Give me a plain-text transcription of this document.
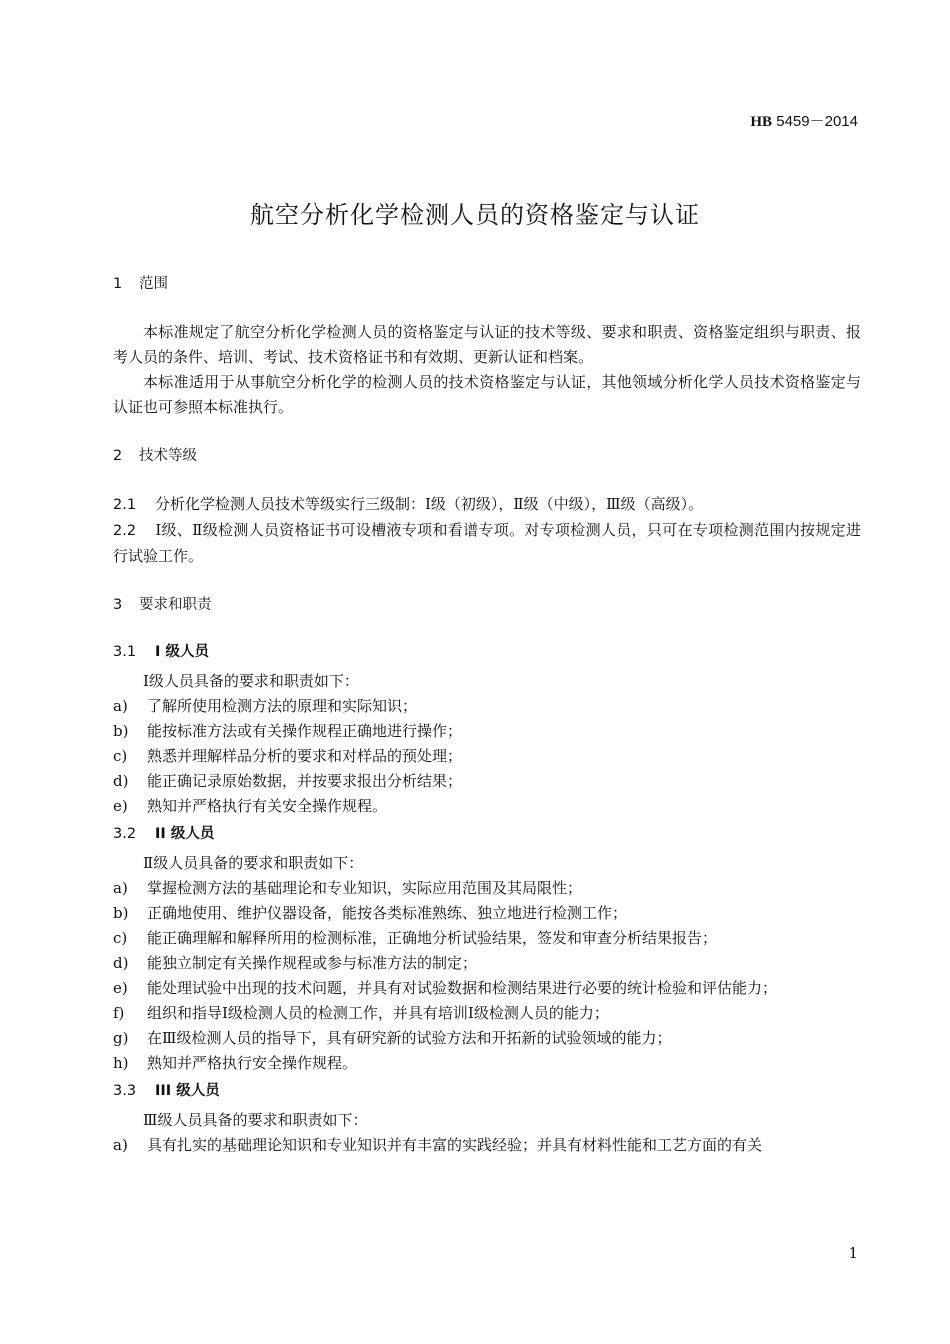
HB 5459－2014
航空分析化学检测人员的资格鉴定与认证
1 范围

本标准规定了航空分析化学检测人员的资格鉴定与认证的技术等级、要求和职责、资格鉴定组织与职责、报考人员的条件、培训、考试、技术资格证书和有效期、更新认证和档案。

本标准适用于从事航空分析化学的检测人员的技术资格鉴定与认证，其他领域分析化学人员技术资格鉴定与认证也可参照本标准执行。

2 技术等级

2.1 分析化学检测人员技术等级实行三级制：Ⅰ级（初级），Ⅱ级（中级），Ⅲ级（高级）。

2.2 Ⅰ级、Ⅱ级检测人员资格证书可设槽液专项和看谱专项。对专项检测人员，只可在专项检测范围内按规定进行试验工作。

3 要求和职责
3.1 I 级人员

Ⅰ级人员具备的要求和职责如下：

a)	了解所使用检测方法的原理和实际知识；
b)	能按标准方法或有关操作规程正确地进行操作；
c)	熟悉并理解样品分析的要求和对样品的预处理；
d)	能正确记录原始数据，并按要求报出分析结果；
e)	熟知并严格执行有关安全操作规程。
3.2 II 级人员

Ⅱ级人员具备的要求和职责如下：

a)	掌握检测方法的基础理论和专业知识，实际应用范围及其局限性；
b)	正确地使用、维护仪器设备，能按各类标准熟练、独立地进行检测工作；
c)	能正确理解和解释所用的检测标准，正确地分析试验结果，签发和审查分析结果报告；
d)	能独立制定有关操作规程或参与标准方法的制定；
e)	能处理试验中出现的技术问题，并具有对试验数据和检测结果进行必要的统计检验和评估能力；
f)	组织和指导Ⅰ级检测人员的检测工作，并具有培训Ⅰ级检测人员的能力；
g)	在Ⅲ级检测人员的指导下，具有研究新的试验方法和开拓新的试验领域的能力；
h)	熟知并严格执行安全操作规程。
3.3 III 级人员

Ⅲ级人员具备的要求和职责如下：

a)	具有扎实的基础理论知识和专业知识并有丰富的实践经验；并具有材料性能和工艺方面的有关
1
